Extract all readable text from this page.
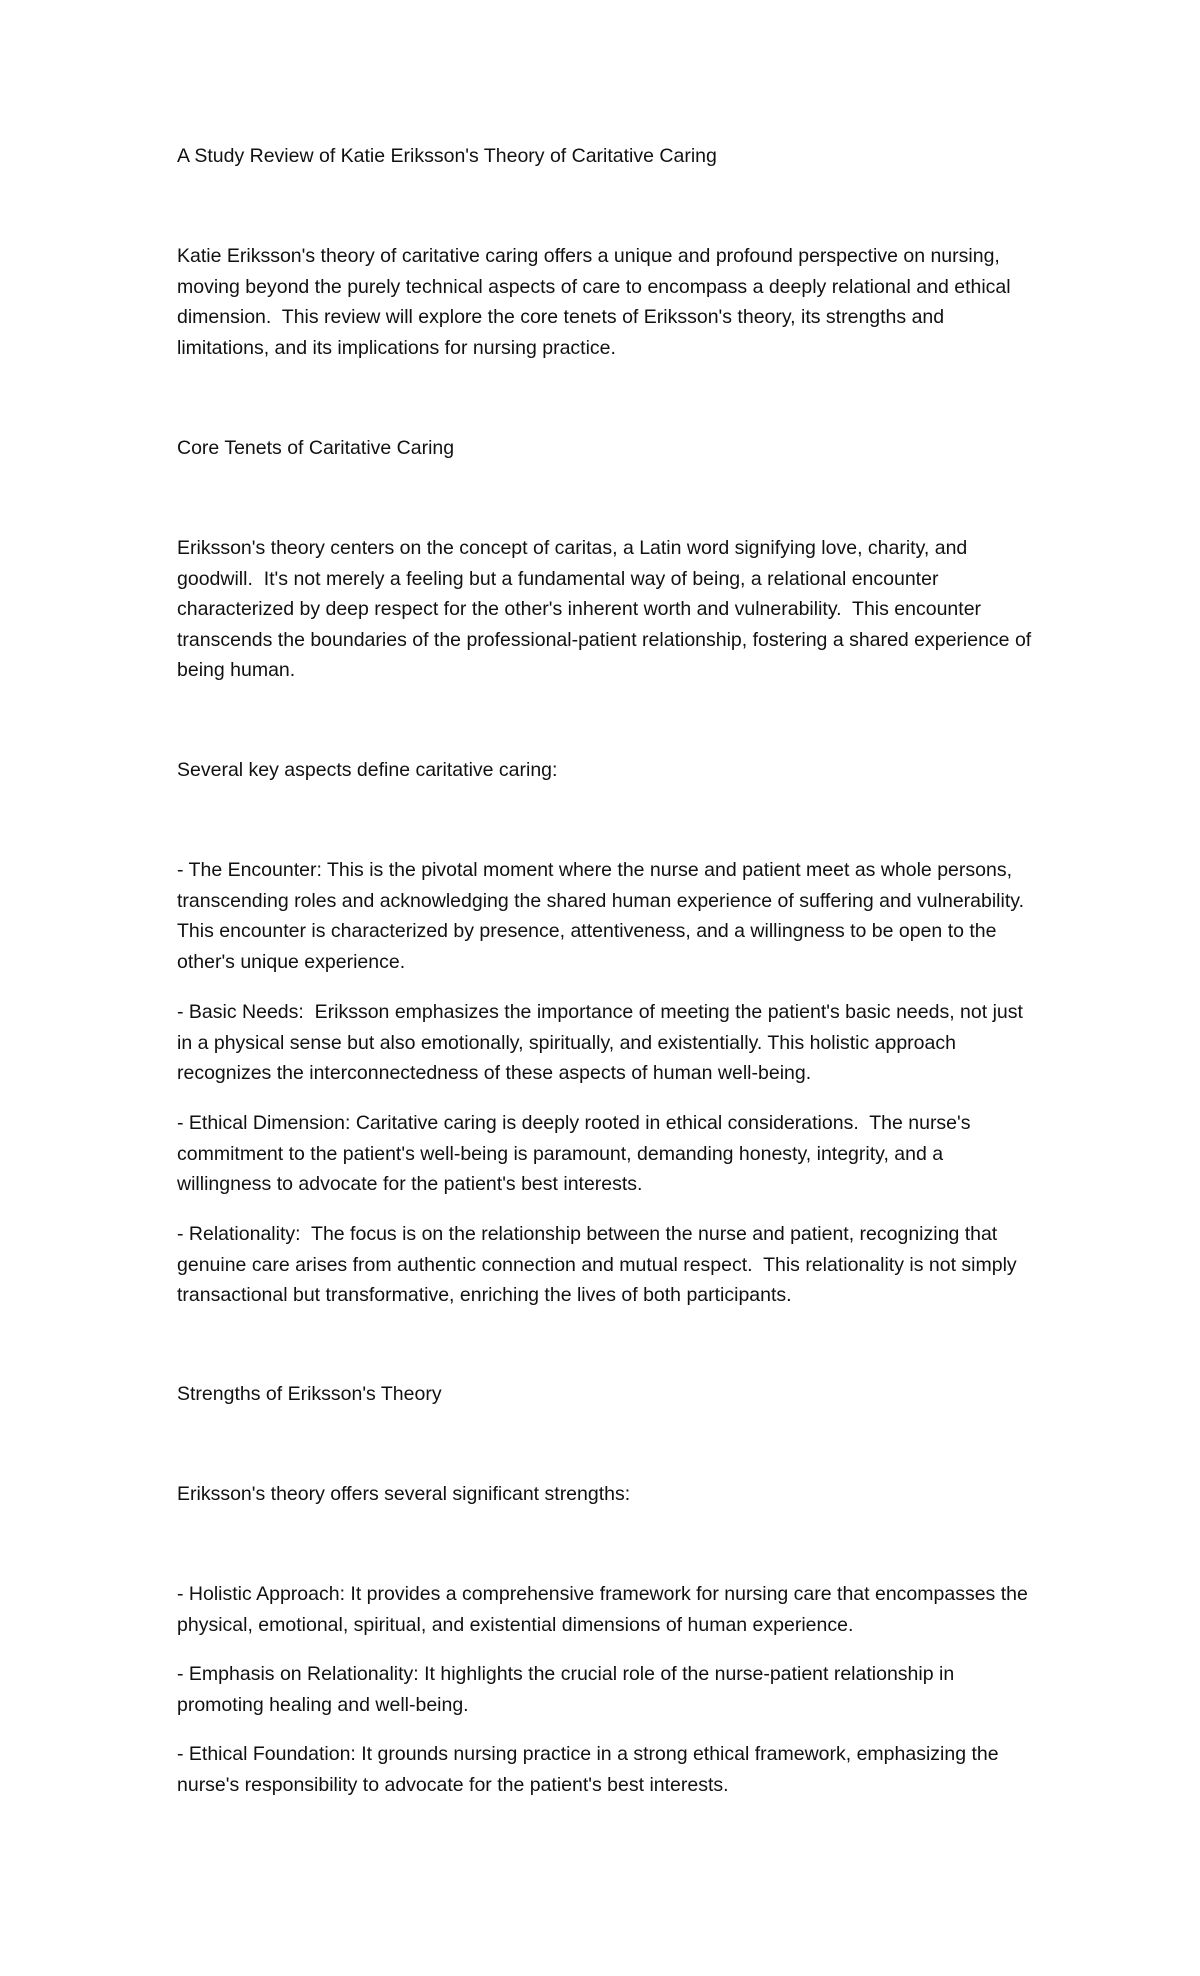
A Study Review of Katie Eriksson's Theory of Caritative Caring

Katie Eriksson's theory of caritative caring offers a unique and profound perspective on nursing, moving beyond the purely technical aspects of care to encompass a deeply relational and ethical dimension.  This review will explore the core tenets of Eriksson's theory, its strengths and limitations, and its implications for nursing practice.

Core Tenets of Caritative Caring

Eriksson's theory centers on the concept of caritas, a Latin word signifying love, charity, and goodwill.  It's not merely a feeling but a fundamental way of being, a relational encounter characterized by deep respect for the other's inherent worth and vulnerability.  This encounter transcends the boundaries of the professional-patient relationship, fostering a shared experience of being human.

Several key aspects define caritative caring:

- The Encounter: This is the pivotal moment where the nurse and patient meet as whole persons, transcending roles and acknowledging the shared human experience of suffering and vulnerability.  This encounter is characterized by presence, attentiveness, and a willingness to be open to the other's unique experience.

- Basic Needs:  Eriksson emphasizes the importance of meeting the patient's basic needs, not just in a physical sense but also emotionally, spiritually, and existentially. This holistic approach recognizes the interconnectedness of these aspects of human well-being.

- Ethical Dimension: Caritative caring is deeply rooted in ethical considerations.  The nurse's commitment to the patient's well-being is paramount, demanding honesty, integrity, and a willingness to advocate for the patient's best interests.

- Relationality:  The focus is on the relationship between the nurse and patient, recognizing that genuine care arises from authentic connection and mutual respect.  This relationality is not simply transactional but transformative, enriching the lives of both participants.

Strengths of Eriksson's Theory

Eriksson's theory offers several significant strengths:

- Holistic Approach: It provides a comprehensive framework for nursing care that encompasses the physical, emotional, spiritual, and existential dimensions of human experience.

- Emphasis on Relationality: It highlights the crucial role of the nurse-patient relationship in promoting healing and well-being.

- Ethical Foundation: It grounds nursing practice in a strong ethical framework, emphasizing the nurse's responsibility to advocate for the patient's best interests.
